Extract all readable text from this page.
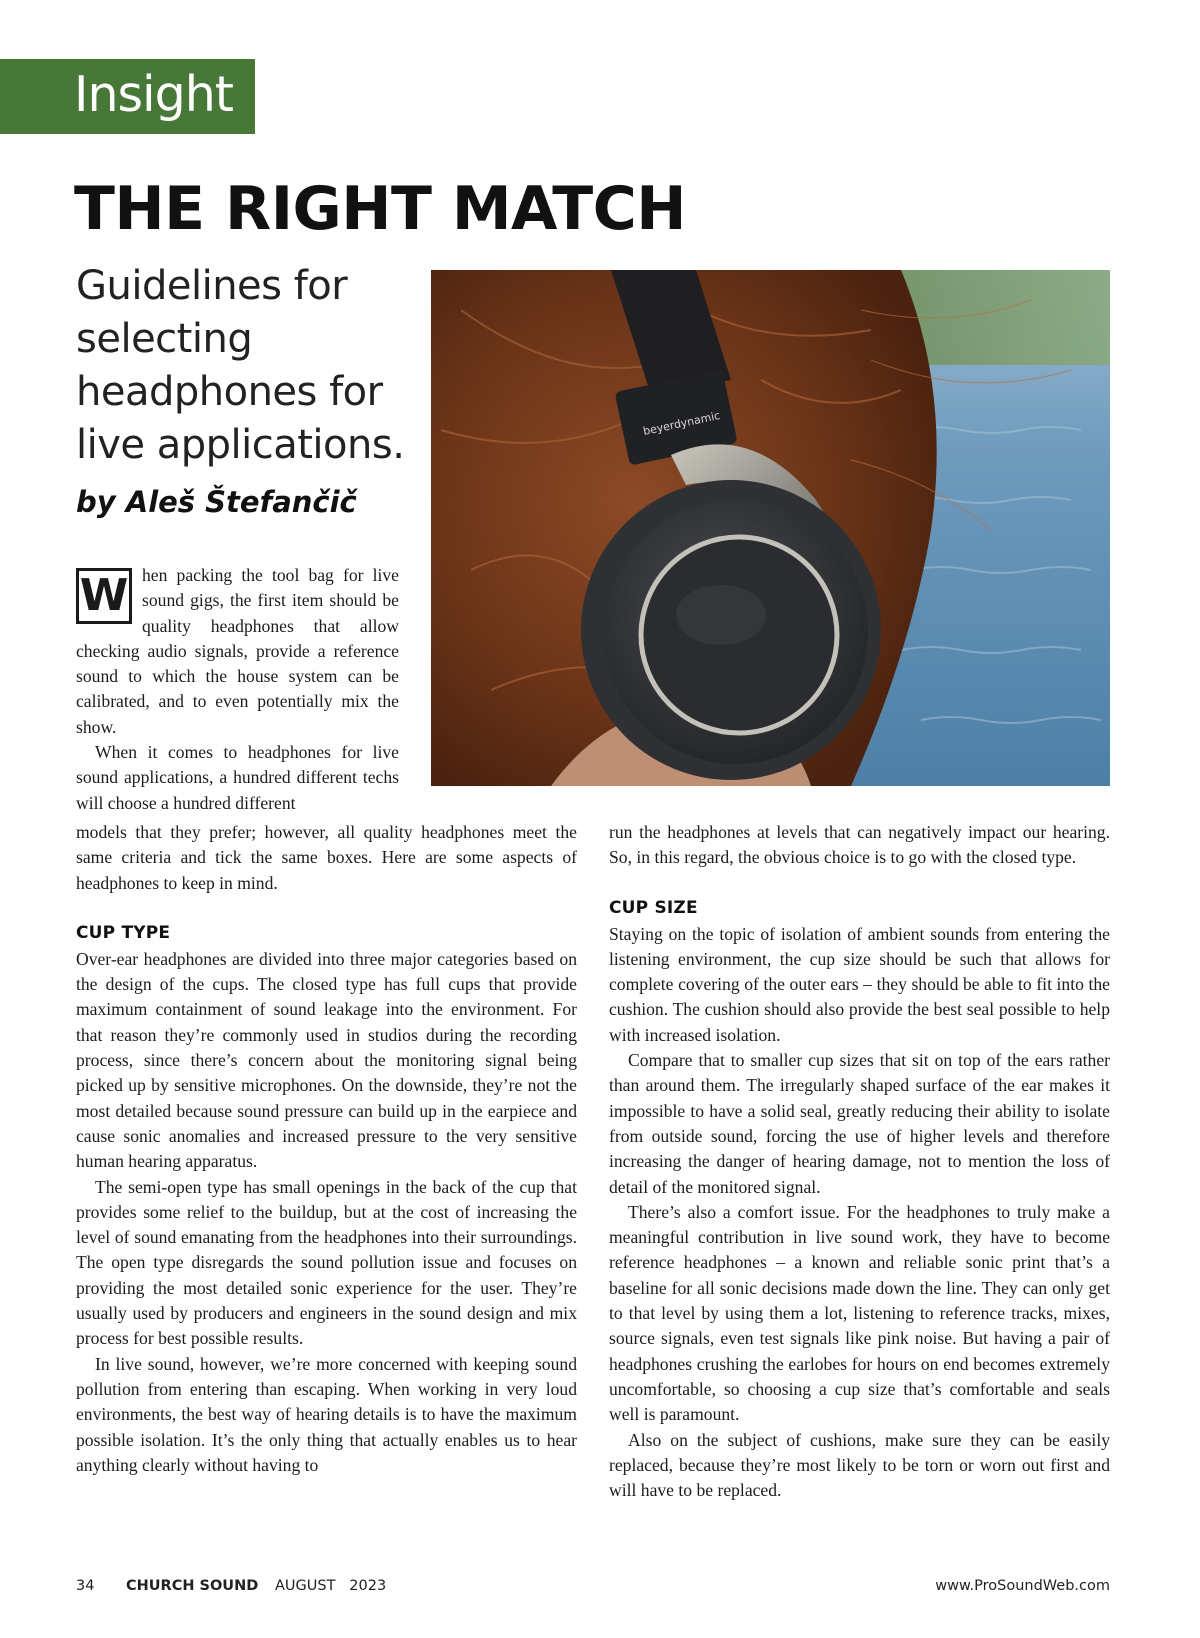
Insight
THE RIGHT MATCH
Guidelines for selecting headphones for live applications.
by Aleš Štefančič
beyerdynamic
W hen packing the tool bag for live sound gigs, the first item should be quality headphones that allow checking audio signals, provide a reference sound to which the house system can be calibrated, and to even potentially mix the show.

When it comes to headphones for live sound applications, a hundred different techs will choose a hundred different

models that they prefer; however, all quality headphones meet the same criteria and tick the same boxes. Here are some aspects of headphones to keep in mind.

CUP TYPE

Over-ear headphones are divided into three major categories based on the design of the cups. The closed type has full cups that provide maximum containment of sound leakage into the environment. For that reason they’re commonly used in studios during the recording process, since there’s concern about the monitoring signal being picked up by sensitive microphones. On the downside, they’re not the most detailed because sound pressure can build up in the earpiece and cause sonic anomalies and increased pressure to the very sensitive human hearing apparatus.

The semi-open type has small openings in the back of the cup that provides some relief to the buildup, but at the cost of increasing the level of sound emanating from the headphones into their surroundings. The open type disregards the sound pollution issue and focuses on providing the most detailed sonic experience for the user. They’re usually used by producers and engineers in the sound design and mix process for best possible results.

In live sound, however, we’re more concerned with keeping sound pollution from entering than escaping. When working in very loud environments, the best way of hearing details is to have the maximum possible isolation. It’s the only thing that actually enables us to hear anything clearly without having to

run the headphones at levels that can negatively impact our hearing. So, in this regard, the obvious choice is to go with the closed type.

CUP SIZE

Staying on the topic of isolation of ambient sounds from entering the listening environment, the cup size should be such that allows for complete covering of the outer ears – they should be able to fit into the cushion. The cushion should also provide the best seal possible to help with increased isolation.

Compare that to smaller cup sizes that sit on top of the ears rather than around them. The irregularly shaped surface of the ear makes it impossible to have a solid seal, greatly reducing their ability to isolate from outside sound, forcing the use of higher levels and therefore increasing the danger of hearing damage, not to mention the loss of detail of the monitored signal.

There’s also a comfort issue. For the headphones to truly make a meaningful contribution in live sound work, they have to become reference headphones – a known and reliable sonic print that’s a baseline for all sonic decisions made down the line. They can only get to that level by using them a lot, listening to reference tracks, mixes, source signals, even test signals like pink noise. But having a pair of headphones crushing the earlobes for hours on end becomes extremely uncomfortable, so choosing a cup size that’s comfortable and seals well is paramount.

Also on the subject of cushions, make sure they can be easily replaced, because they’re most likely to be torn or worn out first and will have to be replaced.

34 CHURCH SOUND AUGUST   2023	www.ProSoundWeb.com
